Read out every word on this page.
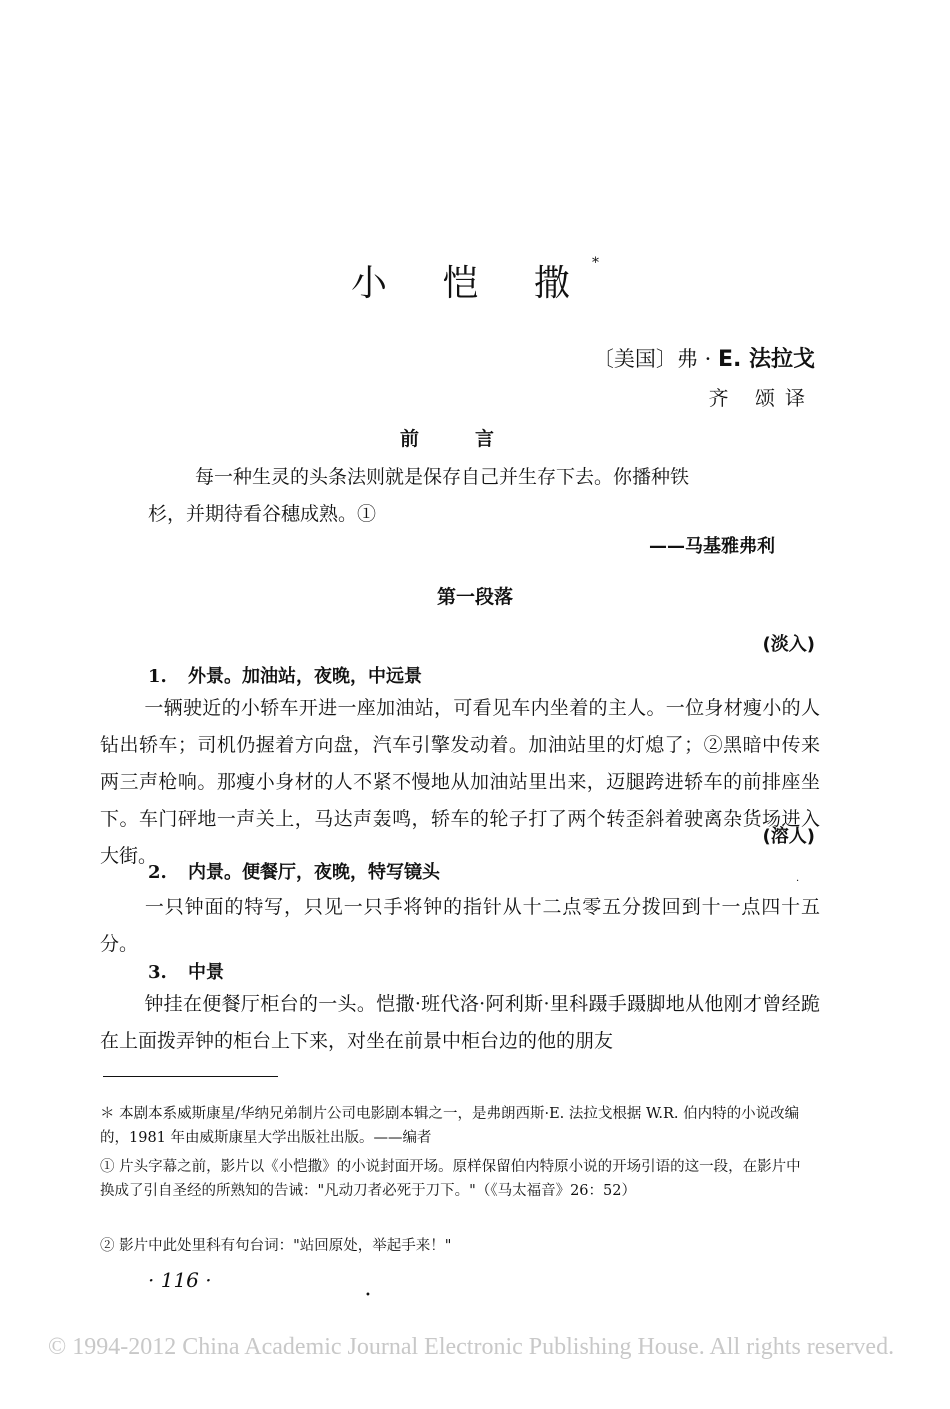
小 恺 撒*
〔美国〕弗 · E. 法拉戈
齐 颂译
前言
每一种生灵的头条法则就是保存自己并生存下去。你播种铁
杉，并期待看谷穗成熟。①
——马基雅弗利
第一段落
(淡入)
1. 外景。加油站，夜晚，中远景
一辆驶近的小轿车开进一座加油站，可看见车内坐着的主人。一位身材瘦小的人钻出轿车；司机仍握着方向盘，汽车引擎发动着。加油站里的灯熄了；②黑暗中传来两三声枪响。那瘦小身材的人不紧不慢地从加油站里出来，迈腿跨进轿车的前排座坐下。车门砰地一声关上，马达声轰鸣，轿车的轮子打了两个转歪斜着驶离杂货场进入大街。
(溶人)
2. 内景。便餐厅，夜晚，特写镜头
一只钟面的特写，只见一只手将钟的指针从十二点零五分拨回到十一点四十五分。
3. 中景
钟挂在便餐厅柜台的一头。恺撒·班代洛·阿利斯·里科蹑手蹑脚地从他刚才曾经跪在上面拨弄钟的柜台上下来，对坐在前景中柜台边的他的朋友
＊ 本剧本系威斯康星/华纳兄弟制片公司电影剧本辑之一，是弗朗西斯·E. 法拉戈根据 W.R. 伯内特的小说改编的，1981 年由威斯康星大学出版社出版。——编者
① 片头字幕之前，影片以《小恺撒》的小说封面开场。原样保留伯内特原小说的开场引语的这一段，在影片中换成了引自圣经的所熟知的告诫："凡动刀者必死于刀下。"（《马太福音》26：52）
② 影片中此处里科有句台词："站回原处，举起手来！"
· 116 ·
•
·
© 1994-2012 China Academic Journal Electronic Publishing House. All rights reserved.
